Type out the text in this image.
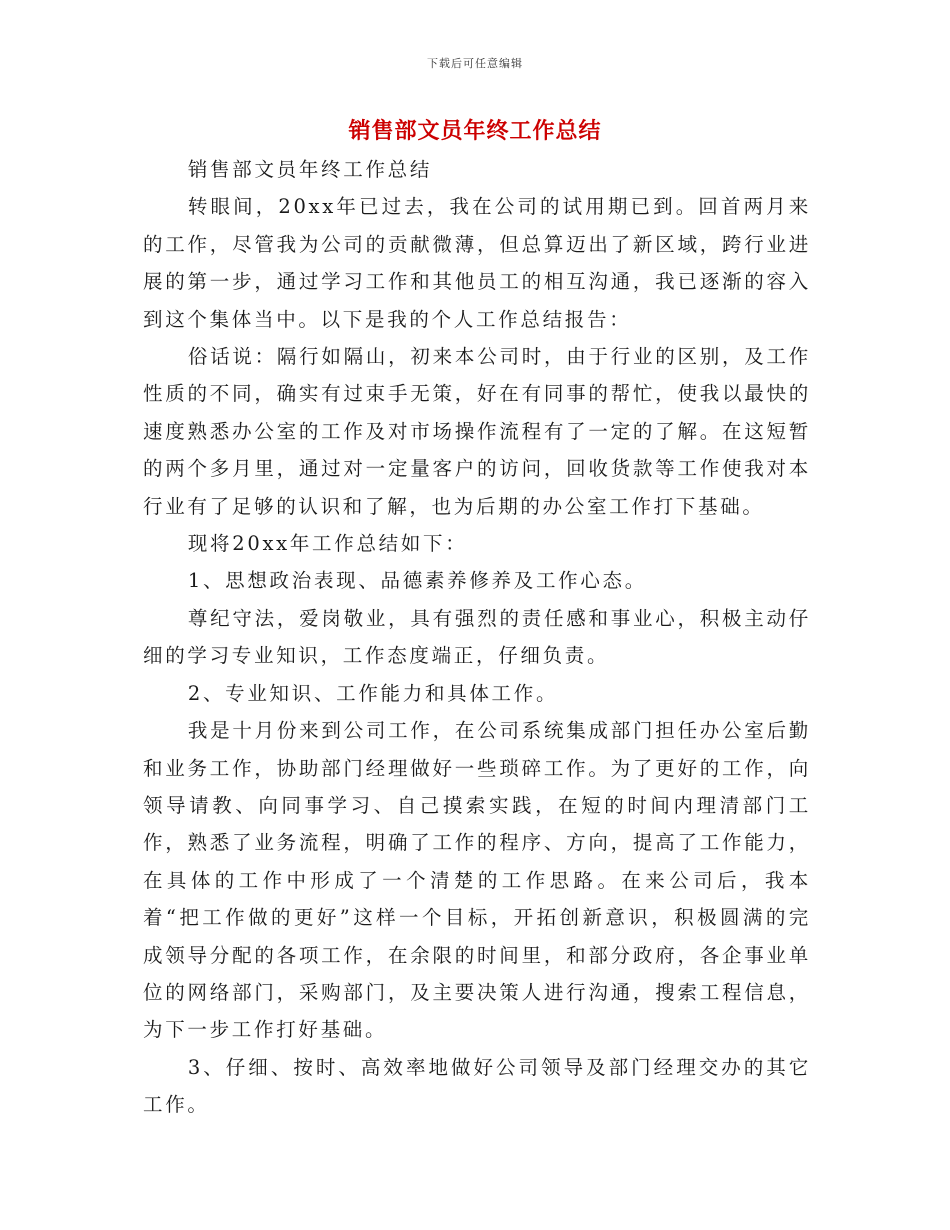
下载后可任意编辑
销售部文员年终工作总结

销售部文员年终工作总结

转眼间，20xx年已过去，我在公司的试用期已到。回首两月来的工作，尽管我为公司的贡献微薄，但总算迈出了新区域，跨行业进展的第一步，通过学习工作和其他员工的相互沟通，我已逐渐的容入到这个集体当中。以下是我的个人工作总结报告：

俗话说：隔行如隔山，初来本公司时，由于行业的区别，及工作性质的不同，确实有过束手无策，好在有同事的帮忙，使我以最快的速度熟悉办公室的工作及对市场操作流程有了一定的了解。在这短暂的两个多月里，通过对一定量客户的访问，回收货款等工作使我对本行业有了足够的认识和了解，也为后期的办公室工作打下基础。

现将20xx年工作总结如下：

1、思想政治表现、品德素养修养及工作心态。

尊纪守法，爱岗敬业，具有强烈的责任感和事业心，积极主动仔细的学习专业知识，工作态度端正，仔细负责。

2、专业知识、工作能力和具体工作。

我是十月份来到公司工作，在公司系统集成部门担任办公室后勤和业务工作，协助部门经理做好一些琐碎工作。为了更好的工作，向领导请教、向同事学习、自己摸索实践，在短的时间内理清部门工作，熟悉了业务流程，明确了工作的程序、方向，提高了工作能力，在具体的工作中形成了一个清楚的工作思路。在来公司后，我本着“把工作做的更好”这样一个目标，开拓创新意识，积极圆满的完成领导分配的各项工作，在余限的时间里，和部分政府，各企事业单位的网络部门，采购部门，及主要决策人进行沟通，搜索工程信息，为下一步工作打好基础。

3、仔细、按时、高效率地做好公司领导及部门经理交办的其它工作。
